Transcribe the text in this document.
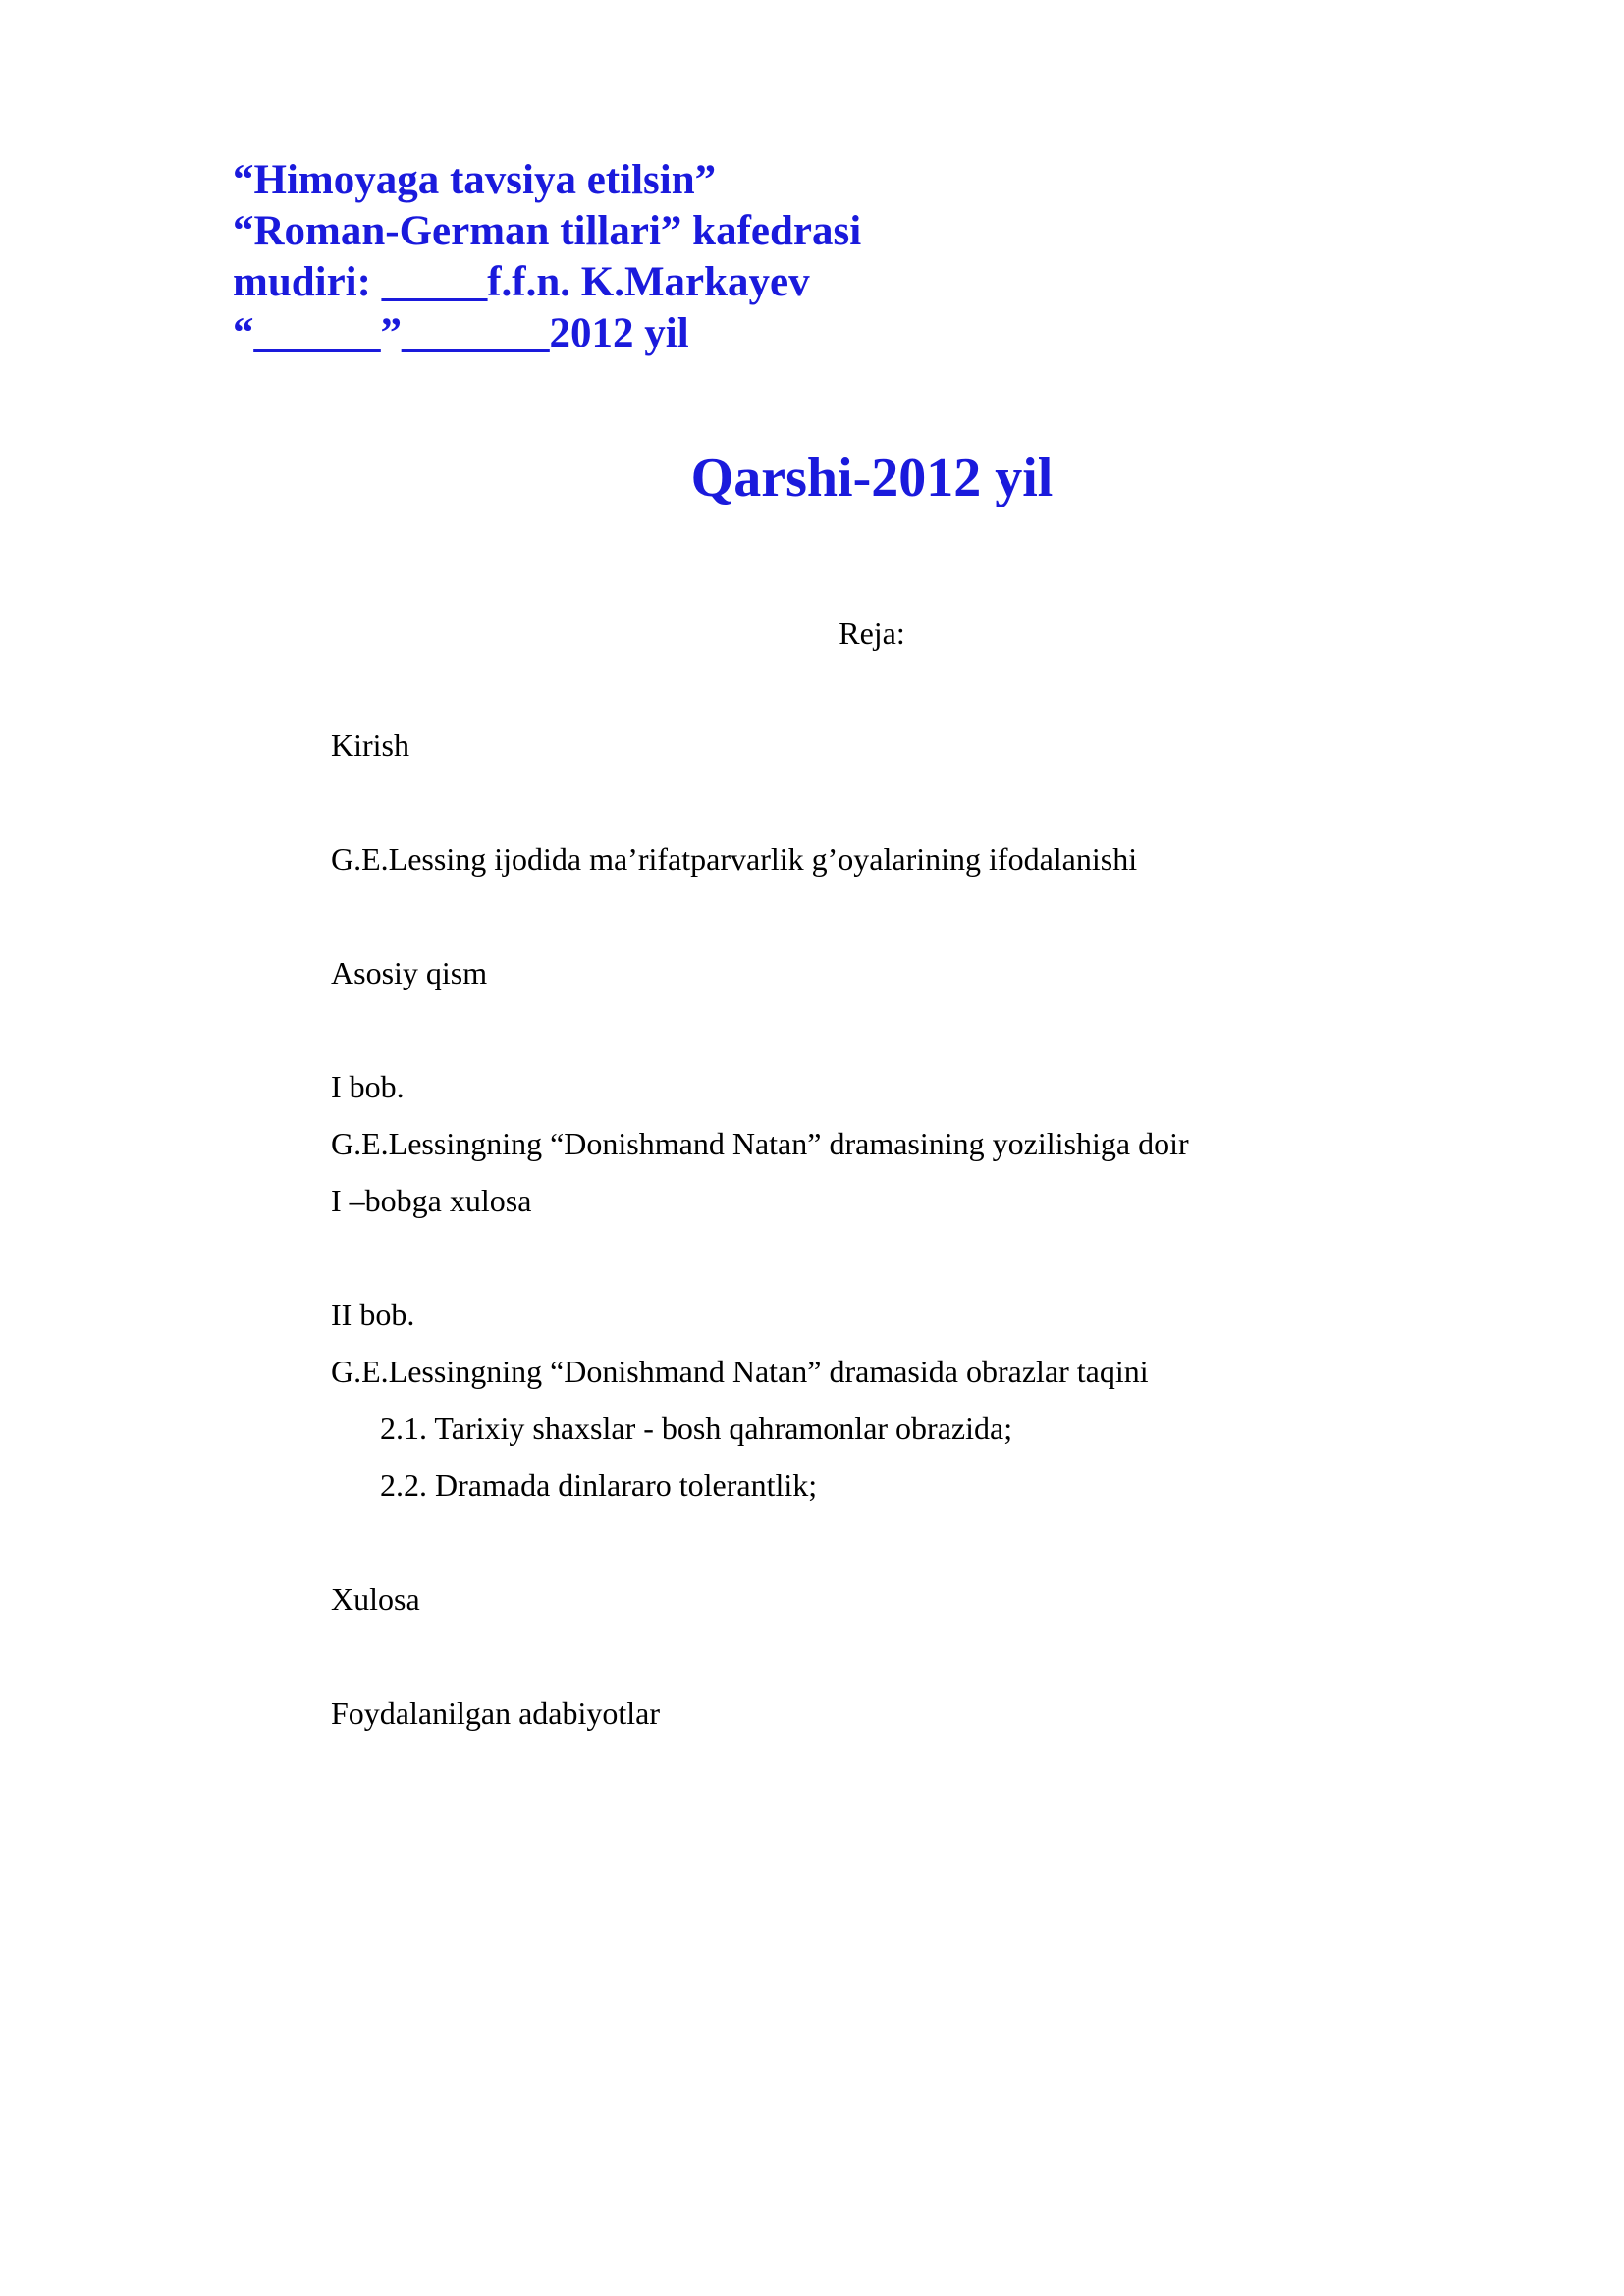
“Himoyaga tavsiya etilsin”
“Roman-German tillari” kafedrasi
mudiri: _____f.f.n. K.Markayev
“______”_______2012 yil
Qarshi-2012 yil
Reja:
Kirish
G.E.Lessing ijodida ma’rifatparvarlik g’oyalarining ifodalanishi
Asosiy qism
I bob.
G.E.Lessingning “Donishmand Natan” dramasining yozilishiga doir
I –bobga xulosa
II bob.
G.E.Lessingning “Donishmand Natan” dramasida obrazlar taqini
2.1. Tarixiy shaxslar - bosh qahramonlar obrazida;
2.2. Dramada dinlararo tolerantlik;
Xulosa
Foydalanilgan adabiyotlar
